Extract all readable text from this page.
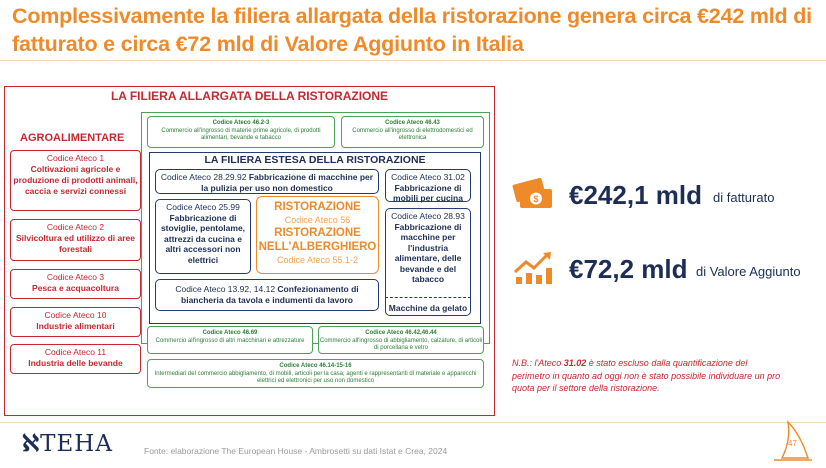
Complessivamente la filiera allargata della ristorazione genera circa €242 mld di fatturato e circa €72 mld di Valore Aggiunto in Italia
LA FILIERA ALLARGATA DELLA RISTORAZIONE
AGROALIMENTARE
Codice Ateco 1
Coltivazioni agricole e produzione di prodotti animali, caccia e servizi connessi
Codice Ateco 2
Silvicoltura ed utilizzo di aree forestali
Codice Ateco 3
Pesca e acquacoltura
Codice Ateco 10
Industrie alimentari
Codice Ateco 11
Industria delle bevande
Codice Ateco 46.2-3
Commercio all'ingrosso di materie prime agricole, di prodotti alimentari, bevande e tabacco
Codice Ateco 46.43
Commercio all'ingrosso di elettrodomestici ed elettronica
Codice Ateco 46.69
Commercio all'ingrosso di altri macchinari e attrezzature
Codice Ateco 46.42,46.44
Commercio all'ingrosso di abbigliamento, calzature, di articoli di porcellana e vetro
Codice Ateco 46.14-15-16
Intermediari del commercio abbigliamento, di mobili, articoli per la casa; agenti e rappresentanti di materiale e apparecchi elettrici ed elettronici per uso non domestico
LA FILIERA ESTESA DELLA RISTORAZIONE
Codice Ateco 28.29.92 Fabbricazione di macchine per la pulizia per uso non domestico
Codice Ateco 31.02
Fabbricazione di mobili per cucina
Codice Ateco 25.99
Fabbricazione di stoviglie, pentolame, attrezzi da cucina e altri accessori non elettrici
Codice Ateco 28.93
Fabbricazione di macchine per l'industria alimentare, delle bevande e del tabacco
Macchine da gelato
Codice Ateco 13.92, 14.12 Confezionamento di biancheria da tavola e indumenti da lavoro
RISTORAZIONE
Codice Ateco 56
RISTORAZIONE NELL'ALBERGHIERO
Codice Ateco 55.1-2
$ €242,1 mld di fatturato
€72,2 mld di Valore Aggiunto
N.B.: l'Ateco 31.02 è stato escluso dalla quantificazione del perimetro in quanto ad oggi non è stato possibile individuare un pro quota per il settore della ristorazione.
ℵTEHA	Fonte: elaborazione The European House - Ambrosetti su dati Istat e Crea, 2024
47
